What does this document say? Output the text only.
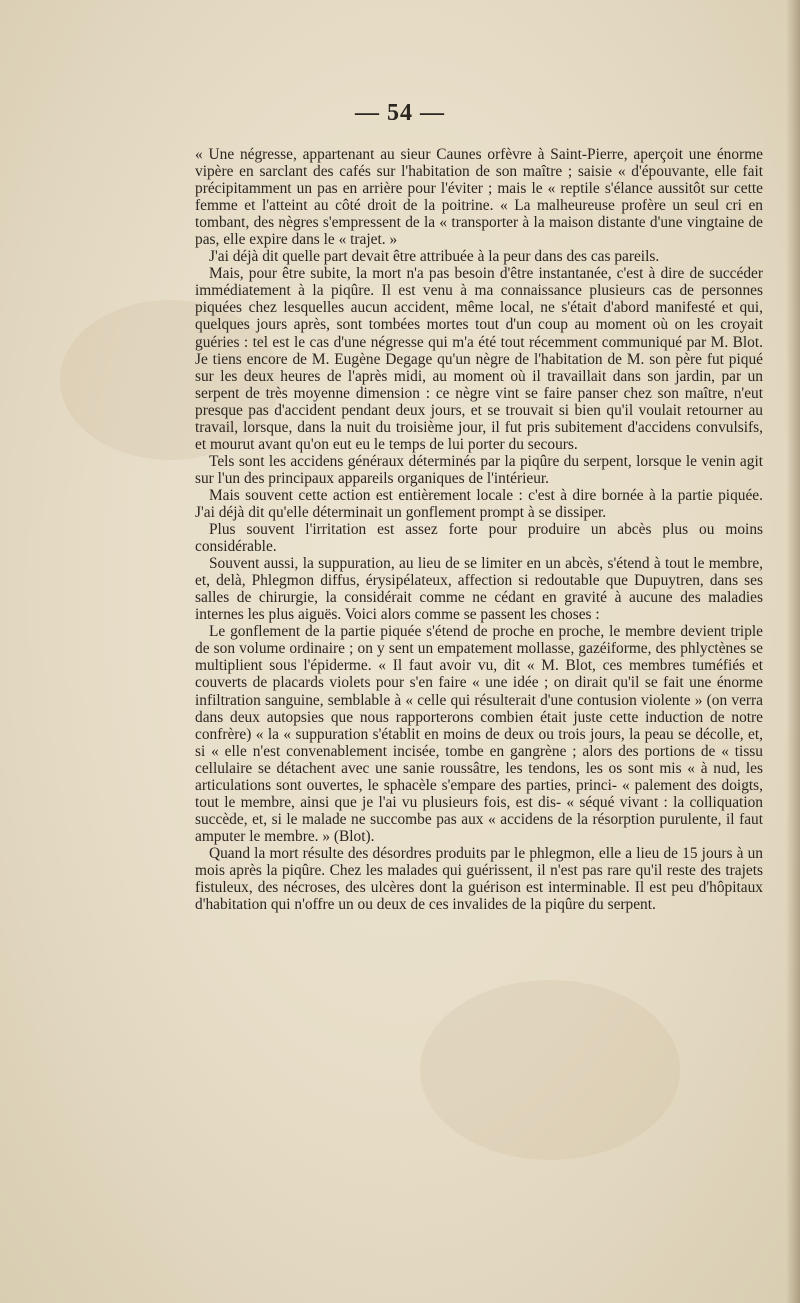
— 54 —

« Une négresse, appartenant au sieur Caunes orfèvre à Saint-Pierre, aperçoit une énorme vipère en sarclant des cafés sur l'habitation de son maître ; saisie « d'épouvante, elle fait précipitamment un pas en arrière pour l'éviter ; mais le « reptile s'élance aussitôt sur cette femme et l'atteint au côté droit de la poitrine. « La malheureuse profère un seul cri en tombant, des nègres s'empressent de la « transporter à la maison distante d'une vingtaine de pas, elle expire dans le « trajet. »

J'ai déjà dit quelle part devait être attribuée à la peur dans des cas pareils.

Mais, pour être subite, la mort n'a pas besoin d'être instantanée, c'est à dire de succéder immédiatement à la piqûre. Il est venu à ma connaissance plusieurs cas de personnes piquées chez lesquelles aucun accident, même local, ne s'était d'abord manifesté et qui, quelques jours après, sont tombées mortes tout d'un coup au moment où on les croyait guéries : tel est le cas d'une négresse qui m'a été tout récemment communiqué par M. Blot. Je tiens encore de M. Eugène Degage qu'un nègre de l'habitation de M. son père fut piqué sur les deux heures de l'après midi, au moment où il travaillait dans son jardin, par un serpent de très moyenne dimension : ce nègre vint se faire panser chez son maître, n'eut presque pas d'accident pendant deux jours, et se trouvait si bien qu'il voulait retourner au travail, lorsque, dans la nuit du troisième jour, il fut pris subitement d'accidens convulsifs, et mourut avant qu'on eut eu le temps de lui porter du secours.

Tels sont les accidens généraux déterminés par la piqûre du serpent, lorsque le venin agit sur l'un des principaux appareils organiques de l'intérieur.

Mais souvent cette action est entièrement locale : c'est à dire bornée à la partie piquée. J'ai déjà dit qu'elle déterminait un gonflement prompt à se dissiper.

Plus souvent l'irritation est assez forte pour produire un abcès plus ou moins considérable.

Souvent aussi, la suppuration, au lieu de se limiter en un abcès, s'étend à tout le membre, et, delà, Phlegmon diffus, érysipélateux, affection si redoutable que Dupuytren, dans ses salles de chirurgie, la considérait comme ne cédant en gravité à aucune des maladies internes les plus aiguës. Voici alors comme se passent les choses :

Le gonflement de la partie piquée s'étend de proche en proche, le membre devient triple de son volume ordinaire ; on y sent un empatement mollasse, gazéiforme, des phlyctènes se multiplient sous l'épiderme. « Il faut avoir vu, dit « M. Blot, ces membres tuméfiés et couverts de placards violets pour s'en faire « une idée ; on dirait qu'il se fait une énorme infiltration sanguine, semblable à « celle qui résulterait d'une contusion violente » (on verra dans deux autopsies que nous rapporterons combien était juste cette induction de notre confrère) « la « suppuration s'établit en moins de deux ou trois jours, la peau se décolle, et, si « elle n'est convenablement incisée, tombe en gangrène ; alors des portions de « tissu cellulaire se détachent avec une sanie roussâtre, les tendons, les os sont mis « à nud, les articulations sont ouvertes, le sphacèle s'empare des parties, princi- « palement des doigts, tout le membre, ainsi que je l'ai vu plusieurs fois, est dis- « séqué vivant : la colliquation succède, et, si le malade ne succombe pas aux « accidens de la résorption purulente, il faut amputer le membre. » (Blot).

Quand la mort résulte des désordres produits par le phlegmon, elle a lieu de 15 jours à un mois après la piqûre. Chez les malades qui guérissent, il n'est pas rare qu'il reste des trajets fistuleux, des nécroses, des ulcères dont la guérison est interminable. Il est peu d'hôpitaux d'habitation qui n'offre un ou deux de ces invalides de la piqûre du serpent.
